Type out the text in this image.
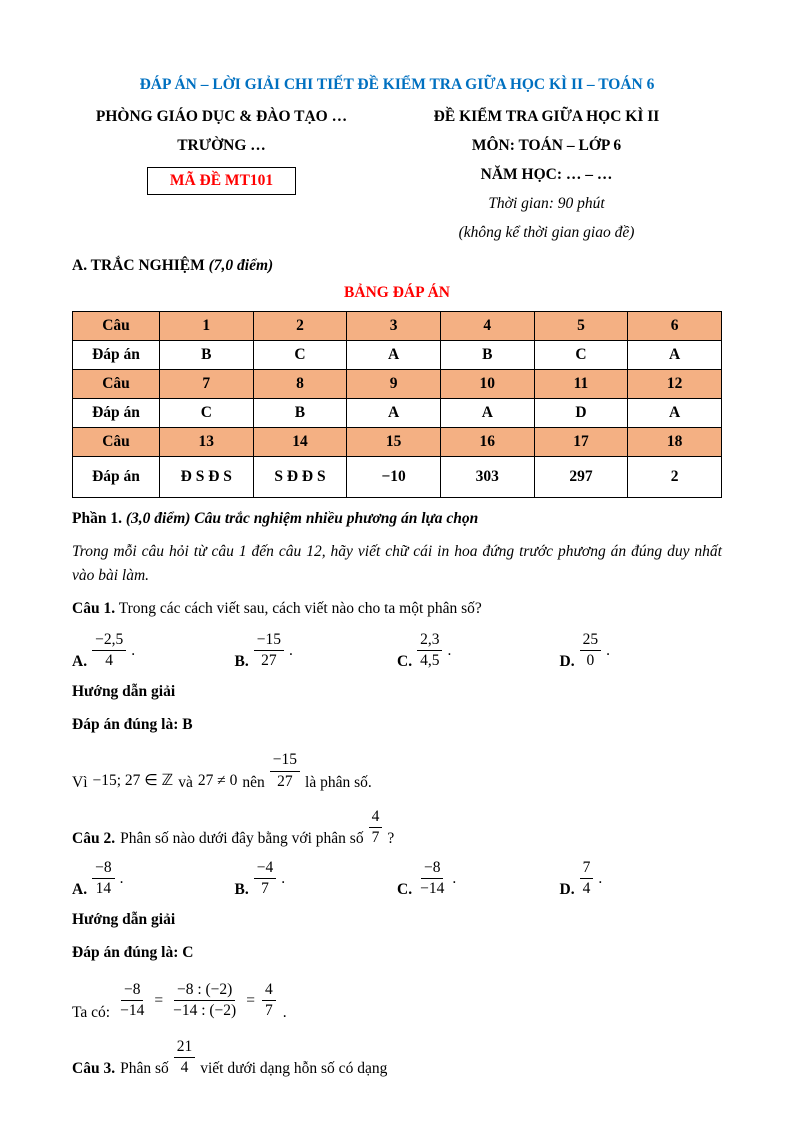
ĐÁP ÁN – LỜI GIẢI CHI TIẾT ĐỀ KIỂM TRA GIỮA HỌC KÌ II – TOÁN 6

PHÒNG GIÁO DỤC & ĐÀO TẠO …

TRƯỜNG …

MÃ ĐỀ MT101

ĐỀ KIỂM TRA GIỮA HỌC KÌ II

MÔN: TOÁN – LỚP 6

NĂM HỌC: … – …

Thời gian: 90 phút

(không kể thời gian giao đề)

A. TRẮC NGHIỆM (7,0 điểm)

BẢNG ĐÁP ÁN

Câu	1	2	3	4	5	6
Đáp án	B	C	A	B	C	A
Câu	7	8	9	10	11	12
Đáp án	C	B	A	A	D	A
Câu	13	14	15	16	17	18
Đáp án	Đ S Đ S	S Đ Đ S	−10	303	297	2

Phần 1. (3,0 điểm) Câu trắc nghiệm nhiều phương án lựa chọn

Trong mỗi câu hỏi từ câu 1 đến câu 12, hãy viết chữ cái in hoa đứng trước phương án đúng duy nhất vào bài làm.

Câu 1. Trong các cách viết sau, cách viết nào cho ta một phân số?

A. $\frac{-2,5}{4}$ .
B. $\frac{-15}{27}$ .
C. $\frac{2,3}{4,5}$ .
D. $\frac{25}{0}$ .

Hướng dẫn giải

Đáp án đúng là: B

Vì −15; 27 ∈ ℤ và 27 ≠ 0 nên $\frac{-15}{27}$ là phân số.
Câu 2. Phân số nào dưới đây bằng với phân số $\frac{4}{7}$ ?
A. $\frac{-8}{14}$ .
B. $\frac{-4}{7}$ .
C. $\frac{-8}{-14}$ .
D. $\frac{7}{4}$ .

Hướng dẫn giải

Đáp án đúng là: C

Ta có: $\frac{-8}{-14} = \frac{-8 : (-2)}{-14 : (-2)} = \frac{4}{7}$ .
Câu 3. Phân số $\frac{21}{4}$ viết dưới dạng hỗn số có dạng
